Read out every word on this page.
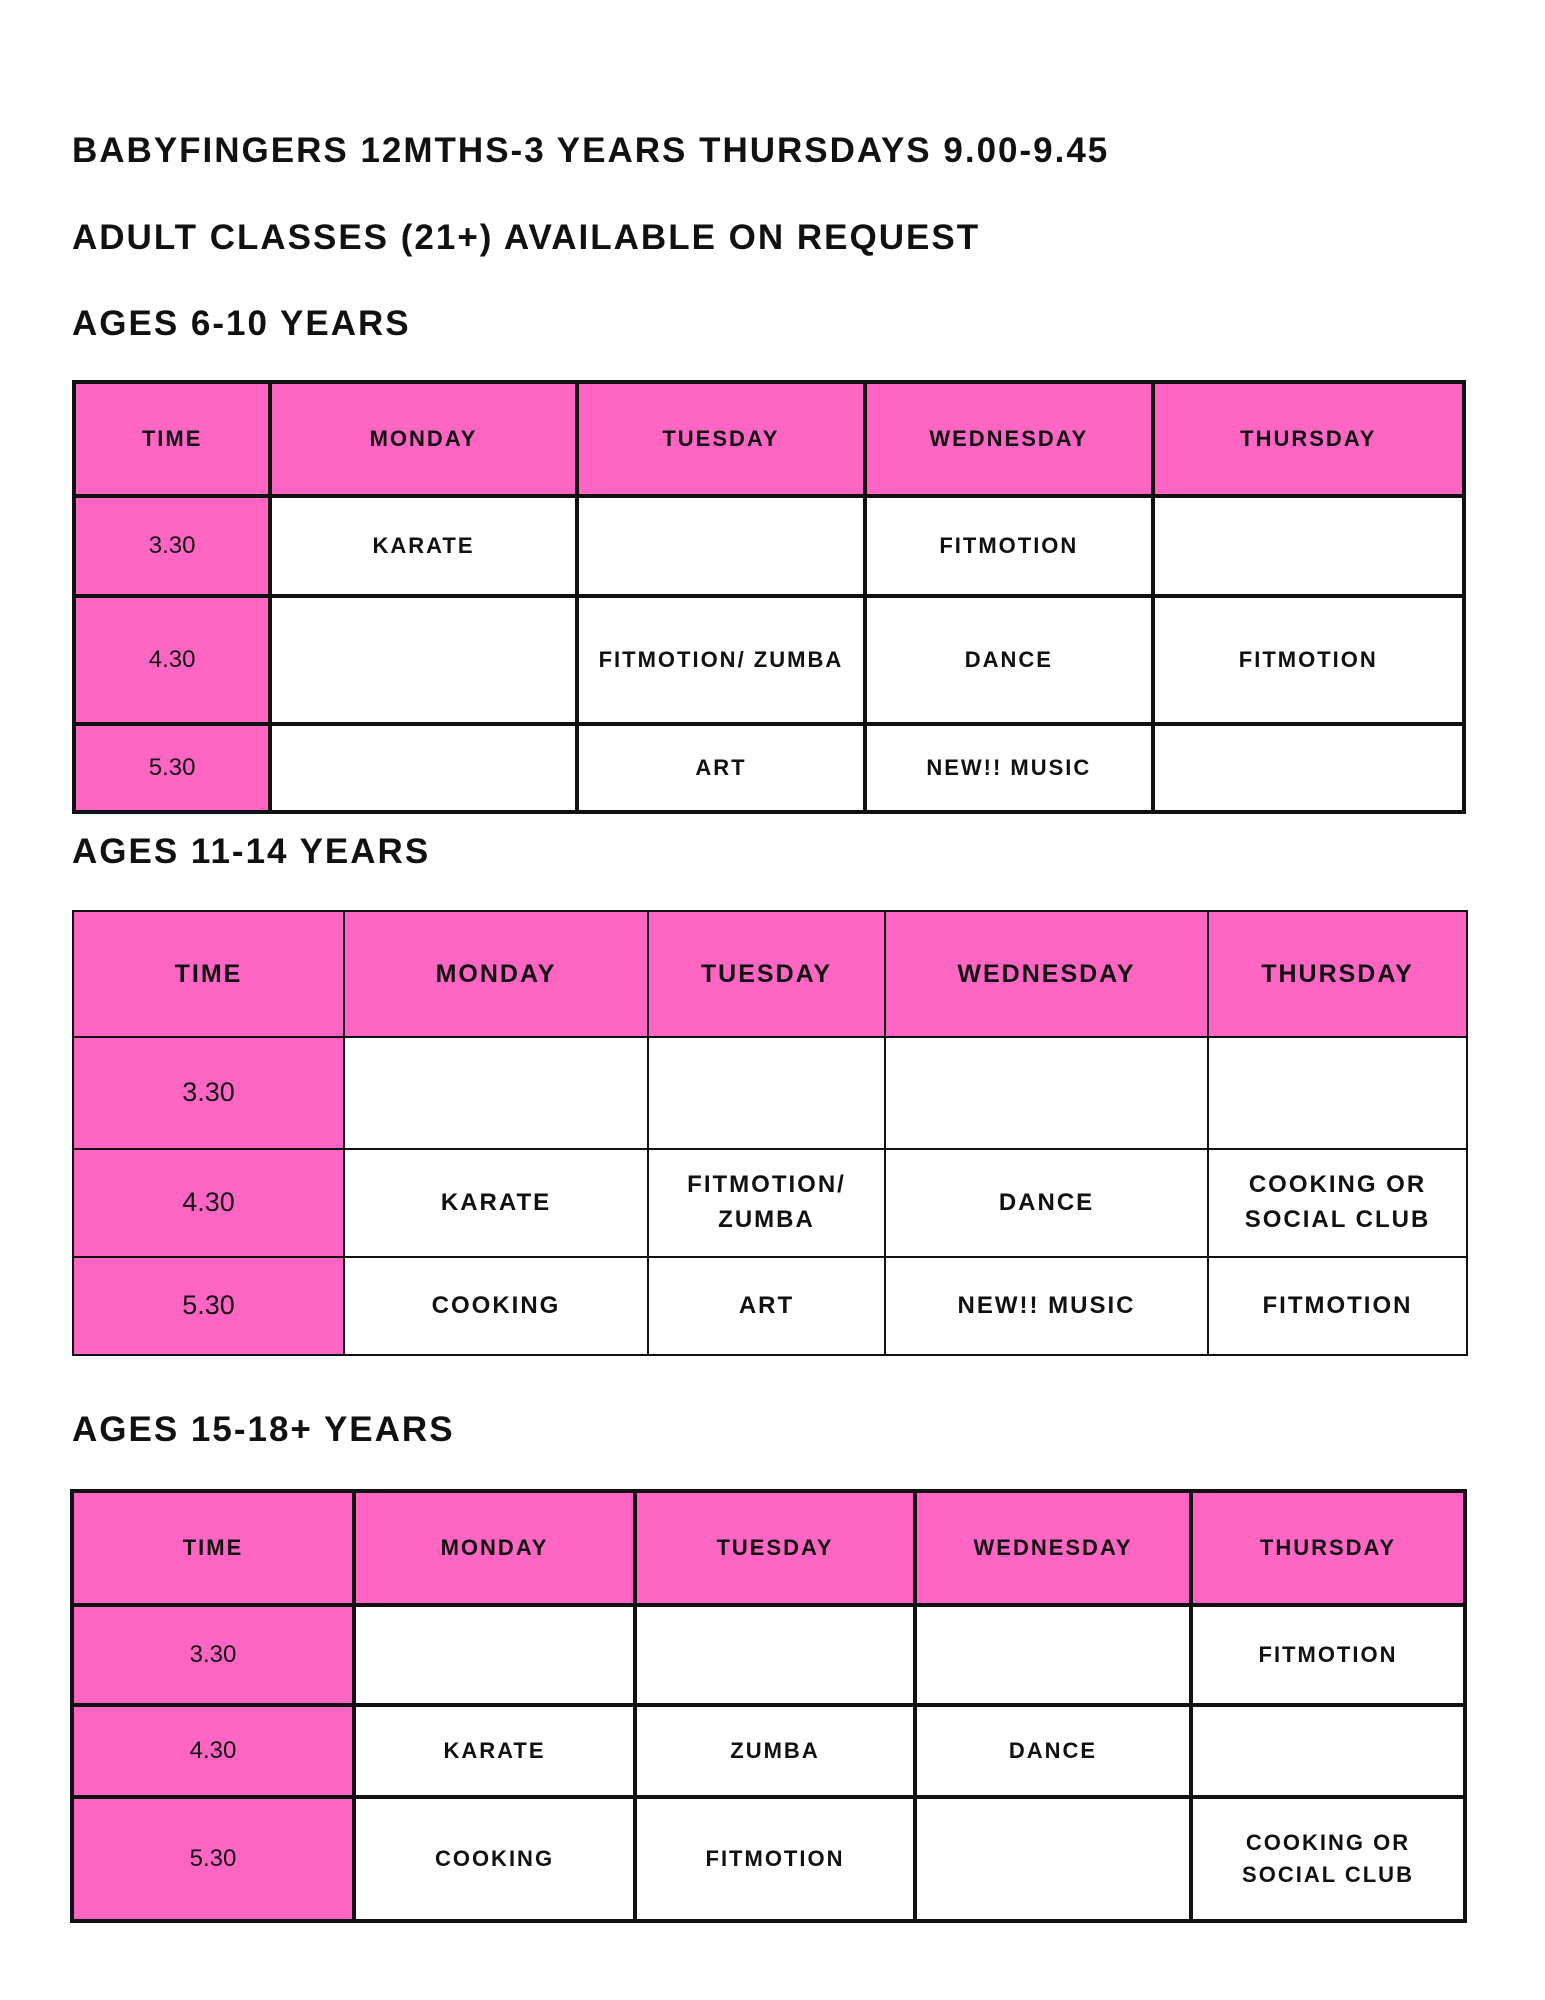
BABYFINGERS 12MTHS-3 YEARS THURSDAYS 9.00-9.45
ADULT CLASSES (21+) AVAILABLE ON REQUEST
AGES 6-10 YEARS
TIME	MONDAY	TUESDAY	WEDNESDAY	THURSDAY
3.30	KARATE		FITMOTION	
4.30		FITMOTION/ ZUMBA	DANCE	FITMOTION
5.30		ART	NEW!! MUSIC	
AGES 11-14 YEARS
TIME	MONDAY	TUESDAY	WEDNESDAY	THURSDAY
3.30				
4.30	KARATE	FITMOTION/ ZUMBA	DANCE	COOKING OR SOCIAL CLUB
5.30	COOKING	ART	NEW!! MUSIC	FITMOTION
AGES 15-18+ YEARS
TIME	MONDAY	TUESDAY	WEDNESDAY	THURSDAY
3.30				FITMOTION
4.30	KARATE	ZUMBA	DANCE	
5.30	COOKING	FITMOTION		COOKING OR SOCIAL CLUB
